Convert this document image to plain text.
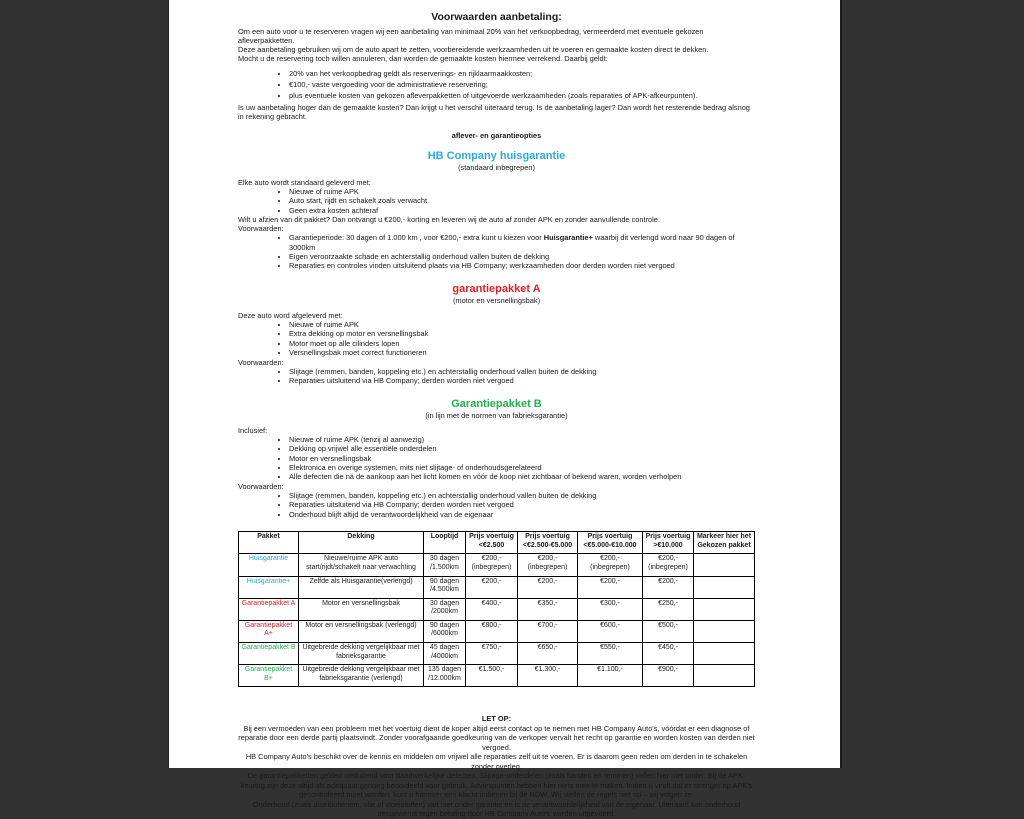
Voorwaarden aanbetaling:
Om een auto voor u te reserveren vragen wij een aanbetaling van minimaal 20% van het verkoopbedrag, vermeerderd met eventuele gekozen afleverpakketten.
Deze aanbetaling gebruiken wij om de auto apart te zetten, voorbereidende werkzaamheden uit te voeren en gemaakte kosten direct te dekken.
Mocht u de reservering toch willen annuleren, dan worden de gemaakte kosten hiermee verrekend. Daarbij geldt:
• 20% van het verkoopbedrag geldt als reserverings- en rijklaarmaakkosten;
• €100,- vaste vergoeding voor de administratieve reservering;
• plus eventuele kosten van gekozen afleverpakketten of uitgevoerde werkzaamheden (zoals reparaties of APK-afkeurpunten).
Is uw aanbetaling hoger dan de gemaakte kosten? Dan krijgt u het verschil uiteraard terug. Is de aanbetaling lager? Dan wordt het resterende bedrag alsnog in rekening gebracht.
aflever- en garantieopties
HB Company huisgarantie
(standaard inbegrepen)
Elke auto wordt standaard geleverd met:
• Nieuwe of ruime APK
• Auto start, rijdt en schakelt zoals verwacht
• Geen extra kosten achteraf
Wilt u afzien van dit pakket? Dan ontvangt u €200,- korting en leveren wij de auto af zonder APK en zonder aanvullende controle.
Voorwaarden:
• Garantieperiode: 30 dagen of 1.000 km , voor €200,- extra kunt u kiezen voor Huisgarantie+ waarbij dit verlengd word naar 90 dagen of 3000km
• Eigen veroorzaakte schade en achterstallig onderhoud vallen buiten de dekking
• Reparaties en controles vinden uitsluitend plaats via HB Company; werkzaamheden door derden worden niet vergoed
garantiepakket A
(motor en versnellingsbak)
Deze auto word afgeleverd met:
• Nieuwe of ruime APK
• Extra dekking op motor en versnellingsbak
• Motor moet op alle cilinders lopen
• Versnellingsbak moet correct functioneren
Voorwaarden:
• Slijtage (remmen, banden, koppeling etc.) en achterstallig onderhoud vallen buiten de dekking
• Reparaties uitsluitend via HB Company; derden worden niet vergoed
Garantiepakket B
(in lijn met de normen van fabrieksgarantie)
Inclusief:
• Nieuwe of ruime APK (tenzij al aanwezig)
• Dekking op vrijwel alle essentiële onderdelen
• Motor en versnellingsbak
• Elektronica en overige systemen, mits niet slijtage- of onderhoudsgerelateerd
• Alle defecten die ná de aankoop aan het licht komen en vóór de koop niet zichtbaar of bekend waren, worden verholpen
Voorwaarden:
• Slijtage (remmen, banden, koppeling etc.) en achterstallig onderhoud vallen buiten de dekking
• Reparaties uitsluitend via HB Company; derden worden niet vergoed
• Onderhoud blijft altijd de verantwoordelijkheid van de eigenaar
Pakket	Dekking	Looptijd	Prijs voertuig <€2.500	Prijs voertuig <€2.500-€5.000	Prijs voertuig <€5.000-€10.000	Prijs voertuig >€10.000	Markeer hier het Gekozen pakket
Huisgarantie	Nieuwe/ruime APK auto start/rijdt/schakelt naar verwachting	30 dagen /1.500km	€200,- (inbegrepen)	€200,- (inbegrepen)	€200,- (inbegrepen)	€200,- (inbegrepen)	
Huisgarantie+	Zelfde als Huisgarantie(verlengd)	90 dagen /4.500km	€200,-	€200,-	€200,-	€200,-	
Garantiepakket A	Motor en versnellingsbak	30 dagen /2000km	€400,-	€350,-	€300,-	€250,-	
Garantiepakket A+	Motor en versnellingsbak (verlengd)	90 dagen /6000km	€800,-	€700,-	€600,-	€500,-	
Garantiepakket B	Uitgebreide dekking vergelijkbaar met fabrieksgarantie	45 dagen /4000km	€750,-	€650,-	€550,-	€450,-	
Garantiepakket B+	Uitgebreide dekking vergelijkbaar met fabrieksgarantie (verlengd)	135 dagen /12.000km	€1.500,-	€1.300,-	€1.100,-	€900,-	
LET OP:

Bij een vermoeden van een probleem met het voertuig dient de koper altijd eerst contact op te nemen met HB Company Auto's, vóórdat er een diagnose of reparatie door een derde partij plaatsvindt. Zonder voorafgaande goedkeuring van de verkoper vervalt het recht op garantie en worden kosten van derden niet vergoed.

HB Company Auto's beschikt over de kennis en middelen om vrijwel alle reparaties zelf uit te voeren. Er is daarom geen reden om derden in te schakelen zonder overleg.

De garantiepakketten gelden uitsluitend voor daadwerkelijke defecten. Slijtage-onderdelen (zoals banden en remmen) vallen hier niet onder. Bij de APK-keuring zijn deze altijd als adequaat genoeg beoordeeld voor gebruik. Adviespunten hebben hier niets mee te maken. Indien u vindt dat er strenger op APK's gecontroleerd moet worden, kunt u hierover een klacht indienen bij de RDW. Wij stellen de regels niet op – wij volgen ze.

Onderhoud (zoals distributieriem, olie of vloeistoffen) valt niet onder garantie en is de verantwoordelijkheid van de eigenaar. Uiteraard kan onderhoud desgewenst tegen betaling door HB Company Auto's worden uitgevoerd.
